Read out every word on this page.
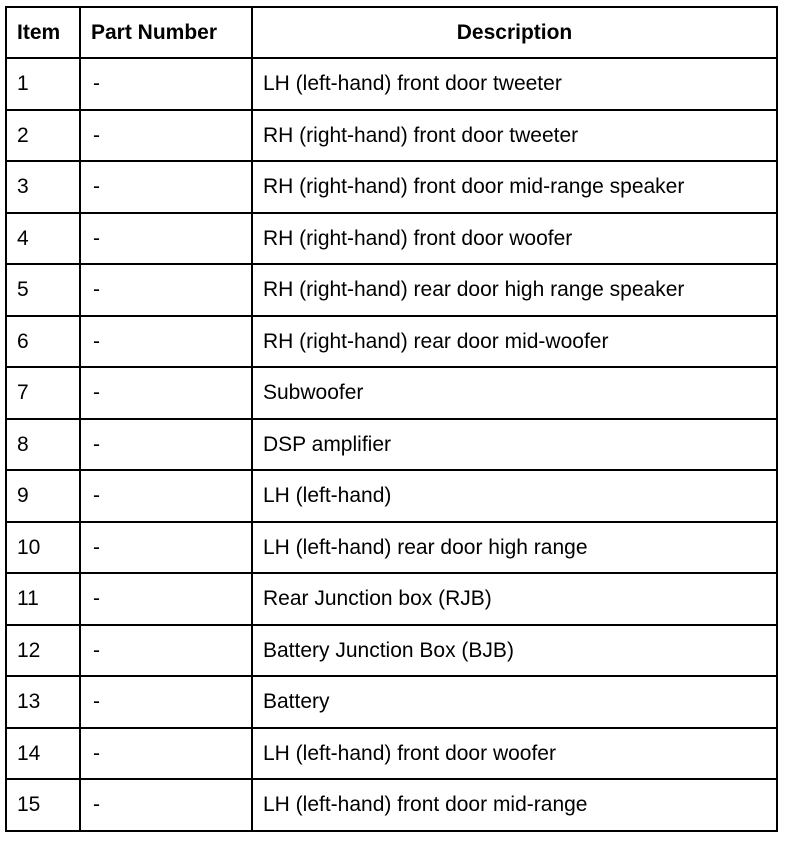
Item	Part Number	Description
1	-	LH (left-hand) front door tweeter
2	-	RH (right-hand) front door tweeter
3	-	RH (right-hand) front door mid-range speaker
4	-	RH (right-hand) front door woofer
5	-	RH (right-hand) rear door high range speaker
6	-	RH (right-hand) rear door mid-woofer
7	-	Subwoofer
8	-	DSP amplifier
9	-	LH (left-hand)
10	-	LH (left-hand) rear door high range
11	-	Rear Junction box (RJB)
12	-	Battery Junction Box (BJB)
13	-	Battery
14	-	LH (left-hand) front door woofer
15	-	LH (left-hand) front door mid-range
